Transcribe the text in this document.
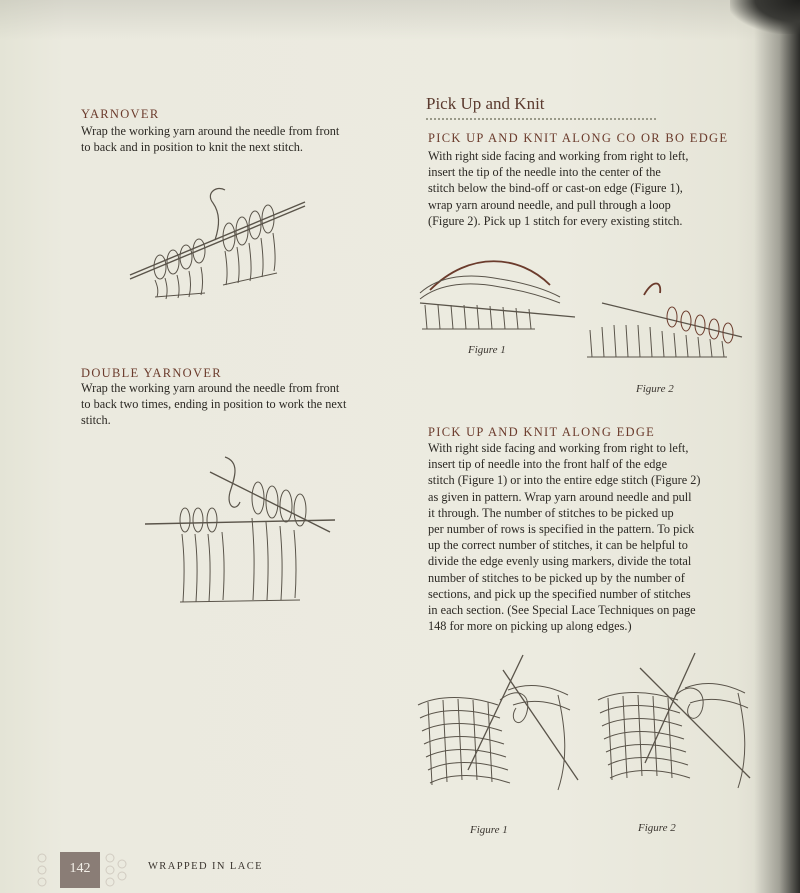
YARNOVER
Wrap the working yarn around the needle from front
to back and in position to knit the next stitch.
DOUBLE YARNOVER
Wrap the working yarn around the needle from front
to back two times, ending in position to work the next
stitch.
Pick Up and Knit
PICK UP AND KNIT ALONG CO OR BO EDGE
With right side facing and working from right to left,
insert the tip of the needle into the center of the
stitch below the bind-off or cast-on edge (Figure 1),
wrap yarn around needle, and pull through a loop
(Figure 2). Pick up 1 stitch for every existing stitch.
Figure 1
Figure 2
PICK UP AND KNIT ALONG EDGE
With right side facing and working from right to left,
insert tip of needle into the front half of the edge
stitch (Figure 1) or into the entire edge stitch (Figure 2)
as given in pattern. Wrap yarn around needle and pull
it through. The number of stitches to be picked up
per number of rows is specified in the pattern. To pick
up the correct number of stitches, it can be helpful to
divide the edge evenly using markers, divide the total
number of stitches to be picked up by the number of
sections, and pick up the specified number of stitches
in each section. (See Special Lace Techniques on page
148 for more on picking up along edges.)
Figure 1	Figure 2
142	WRAPPED IN LACE
